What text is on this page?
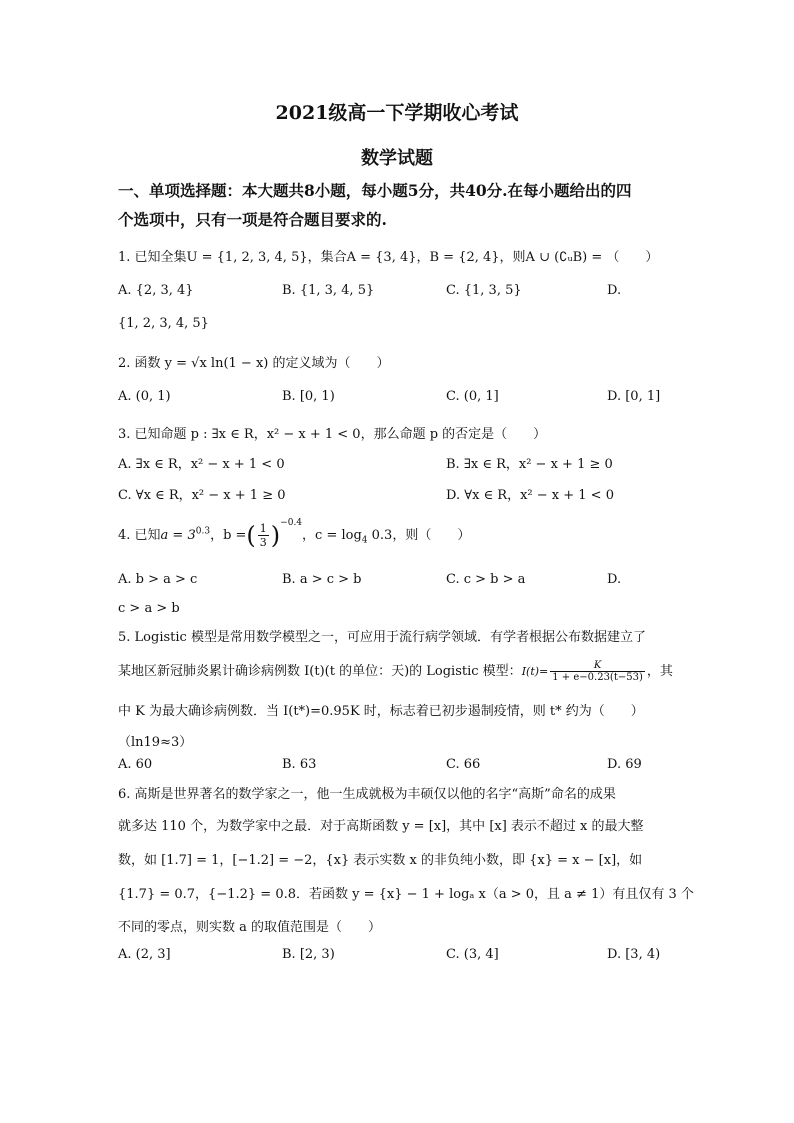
2021级高一下学期收心考试
数学试题
一、单项选择题：本大题共8小题，每小题5分，共40分.在每小题给出的四
个选项中，只有一项是符合题目要求的.
1. 已知全集U = {1, 2, 3, 4, 5}，集合A = {3, 4}，B = {2, 4}，则A ∪ (∁ᵤB) = （　　）
A. {2, 3, 4}	B. {1, 3, 4, 5}	C. {1, 3, 5}	D.
{1, 2, 3, 4, 5}
2. 函数 y = √x ln(1 − x) 的定义域为（　　）
A. (0, 1)	B. [0, 1)	C. (0, 1]	D. [0, 1]
3. 已知命题 p : ∃x ∈ R，x² − x + 1 < 0，那么命题 p 的否定是（　　）
A. ∃x ∈ R，x² − x + 1 < 0	B. ∃x ∈ R，x² − x + 1 ≥ 0
C. ∀x ∈ R，x² − x + 1 ≥ 0	D. ∀x ∈ R，x² − x + 1 < 0
4. 已知$a = 3^{0.3}$，b =( $\frac{1}{3} )^{-0.4}$，$c = \log_4 0.3$，则（　　）
A. b > a > c	B. a > c > b	C. c > b > a	D.
c > a > b
5. Logistic 模型是常用数学模型之一，可应用于流行病学领域．有学者根据公布数据建立了
某地区新冠肺炎累计确诊病例数 I(t)(t 的单位：天)的 Logistic 模型：$I(t)= \frac{K}{1 + e-0.23(t-53)}$ ，其
中 K 为最大确诊病例数．当 I(t*)=0.95K 时，标志着已初步遏制疫情，则 t* 约为（　　）
（ln19≈3）
A. 60	B. 63	C. 66	D. 69
6. 高斯是世界著名的数学家之一，他一生成就极为丰硕仅以他的名字“高斯”命名的成果
就多达 110 个，为数学家中之最．对于高斯函数 y = [x]，其中 [x] 表示不超过 x 的最大整
数，如 [1.7] = 1，[−1.2] = −2，{x} 表示实数 x 的非负纯小数，即 {x} = x − [x]，如
{1.7} = 0.7，{−1.2} = 0.8．若函数 y = {x} − 1 + logₐ x（a > 0，且 a ≠ 1）有且仅有 3 个
不同的零点，则实数 a 的取值范围是（　　）
A. (2, 3]	B. [2, 3)	C. (3, 4]	D. [3, 4)
